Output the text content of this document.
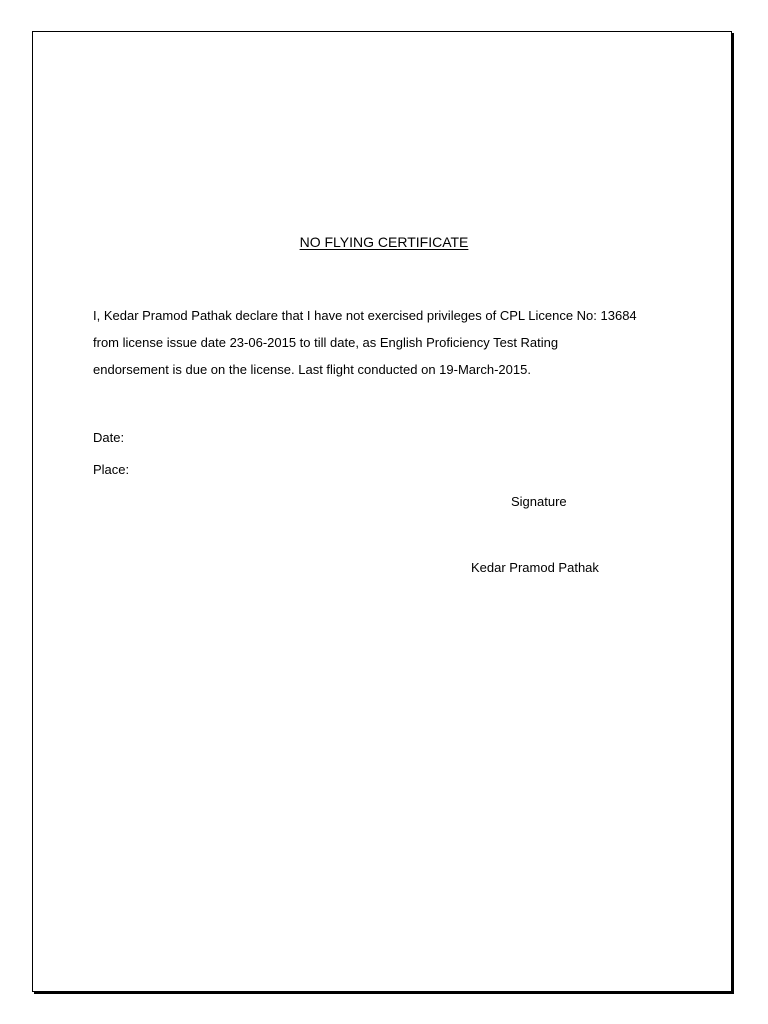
NO FLYING CERTIFICATE

I, Kedar Pramod Pathak declare that I have not exercised privileges of CPL Licence No: 13684

from license issue date 23-06-2015 to till date, as English Proficiency Test Rating

endorsement is due on the license. Last flight conducted on 19-March-2015.

Date:
Place:
Signature
Kedar Pramod Pathak
